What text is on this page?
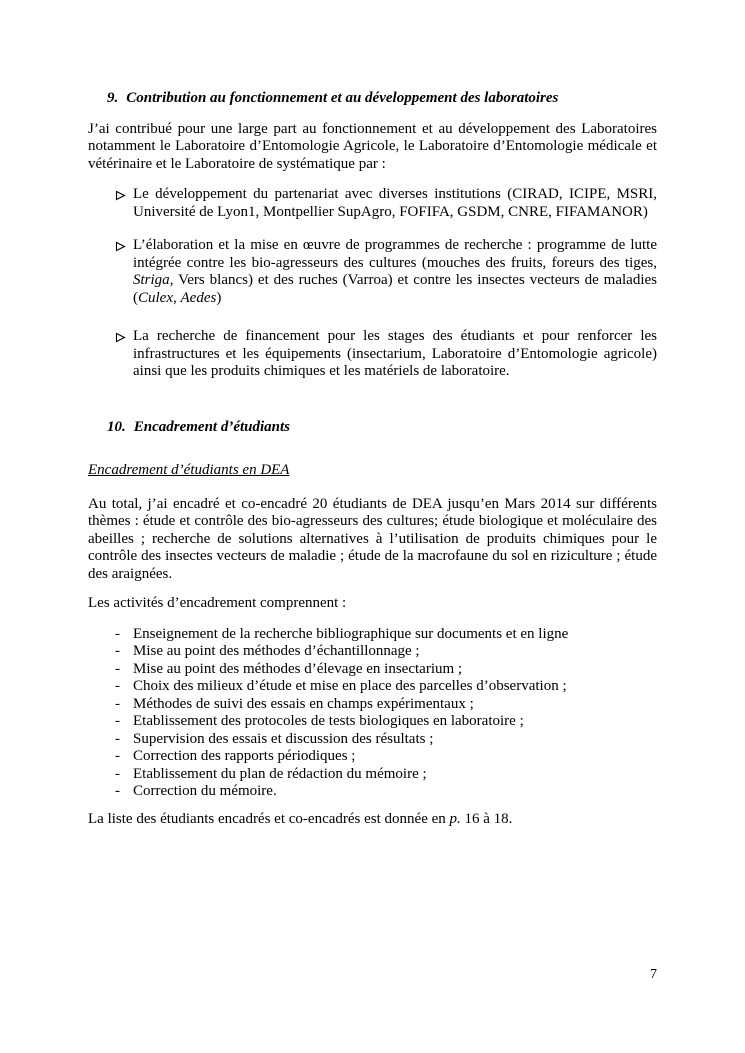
9. Contribution au fonctionnement et au développement des laboratoires

J’ai contribué pour une large part au fonctionnement et au développement des Laboratoires notamment le Laboratoire d’Entomologie Agricole, le Laboratoire d’Entomologie médicale et vétérinaire et le Laboratoire de systématique par :

Le développement du partenariat avec diverses institutions (CIRAD, ICIPE, MSRI, Université de Lyon1, Montpellier SupAgro, FOFIFA, GSDM, CNRE, FIFAMANOR)
L’élaboration et la mise en œuvre de programmes de recherche : programme de lutte intégrée contre les bio-agresseurs des cultures (mouches des fruits, foreurs des tiges, Striga, Vers blancs) et des ruches (Varroa) et contre les insectes vecteurs de maladies (Culex, Aedes)
La recherche de financement pour les stages des étudiants et pour renforcer les infrastructures et les équipements (insectarium, Laboratoire d’Entomologie agricole) ainsi que les produits chimiques et les matériels de laboratoire.
10. Encadrement d’étudiants
Encadrement d’étudiants en DEA

Au total, j’ai encadré et co-encadré 20 étudiants de DEA jusqu’en Mars 2014 sur différents thèmes : étude et contrôle des bio-agresseurs des cultures; étude biologique et moléculaire des abeilles ; recherche de solutions alternatives à l’utilisation de produits chimiques pour le contrôle des insectes vecteurs de maladie ; étude de la macrofaune du sol en riziculture ; étude des araignées.

Les activités d’encadrement comprennent :

- Enseignement de la recherche bibliographique sur documents et en ligne
- Mise au point des méthodes d’échantillonnage ;
- Mise au point des méthodes d’élevage en insectarium ;
- Choix des milieux d’étude et mise en place des parcelles d’observation ;
- Méthodes de suivi des essais en champs expérimentaux ;
- Etablissement des protocoles de tests biologiques en laboratoire ;
- Supervision des essais et discussion des résultats ;
- Correction des rapports périodiques ;
- Etablissement du plan de rédaction du mémoire ;
- Correction du mémoire.

La liste des étudiants encadrés et co-encadrés est donnée en p. 16 à 18.

7
